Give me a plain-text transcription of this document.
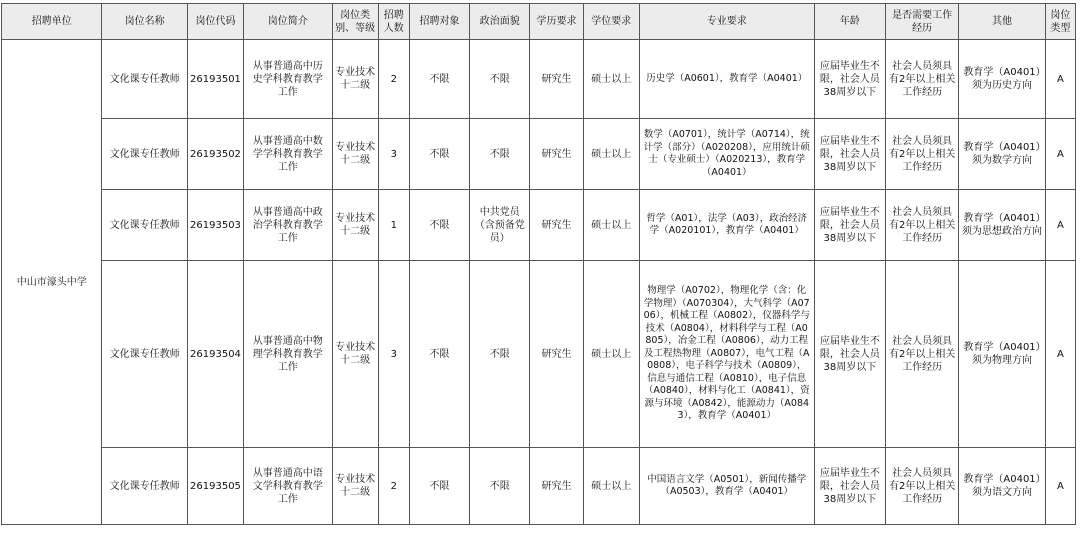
招聘单位	岗位名称	岗位代码	岗位简介	岗位类别、等级	招聘人数	招聘对象	政治面貌	学历要求	学位要求	专业要求	年龄	是否需要工作经历	其他	岗位类型
中山市濠头中学	文化课专任教师	26193501	从事普通高中历史学科教育教学工作	专业技术十二级	2	不限	不限	研究生	硕士以上	历史学（A0601），教育学（A0401）	应届毕业生不限，社会人员38周岁以下	社会人员须具有2年以上相关工作经历	教育学（A0401）须为历史方向	A
	文化课专任教师	26193502	从事普通高中数学学科教育教学工作	专业技术十二级	3	不限	不限	研究生	硕士以上	数学（A0701），统计学（A0714），统计学（部分）（A020208），应用统计硕士（专业硕士）（A020213），教育学（A0401）	应届毕业生不限，社会人员38周岁以下	社会人员须具有2年以上相关工作经历	教育学（A0401）须为数学方向	A
	文化课专任教师	26193503	从事普通高中政治学科教育教学工作	专业技术十二级	1	不限	中共党员（含预备党员）	研究生	硕士以上	哲学（A01），法学（A03），政治经济学（A020101），教育学（A0401）	应届毕业生不限，社会人员38周岁以下	社会人员须具有2年以上相关工作经历	教育学（A0401）须为思想政治方向	A
	文化课专任教师	26193504	从事普通高中物理学科教育教学工作	专业技术十二级	3	不限	不限	研究生	硕士以上	物理学（A0702），物理化学（含：化学物理）（A070304），大气科学（A0706），机械工程（A0802），仪器科学与技术（A0804），材料科学与工程（A0805），冶金工程（A0806），动力工程及工程热物理（A0807），电气工程（A0808），电子科学与技术（A0809），信息与通信工程（A0810），电子信息（A0840），材料与化工（A0841），资源与环境（A0842），能源动力（A0843），教育学（A0401）	应届毕业生不限，社会人员38周岁以下	社会人员须具有2年以上相关工作经历	教育学（A0401）须为物理方向	A
	文化课专任教师	26193505	从事普通高中语文学科教育教学工作	专业技术十二级	2	不限	不限	研究生	硕士以上	中国语言文学（A0501），新闻传播学（A0503），教育学（A0401）	应届毕业生不限，社会人员38周岁以下	社会人员须具有2年以上相关工作经历	教育学（A0401）须为语文方向	A
